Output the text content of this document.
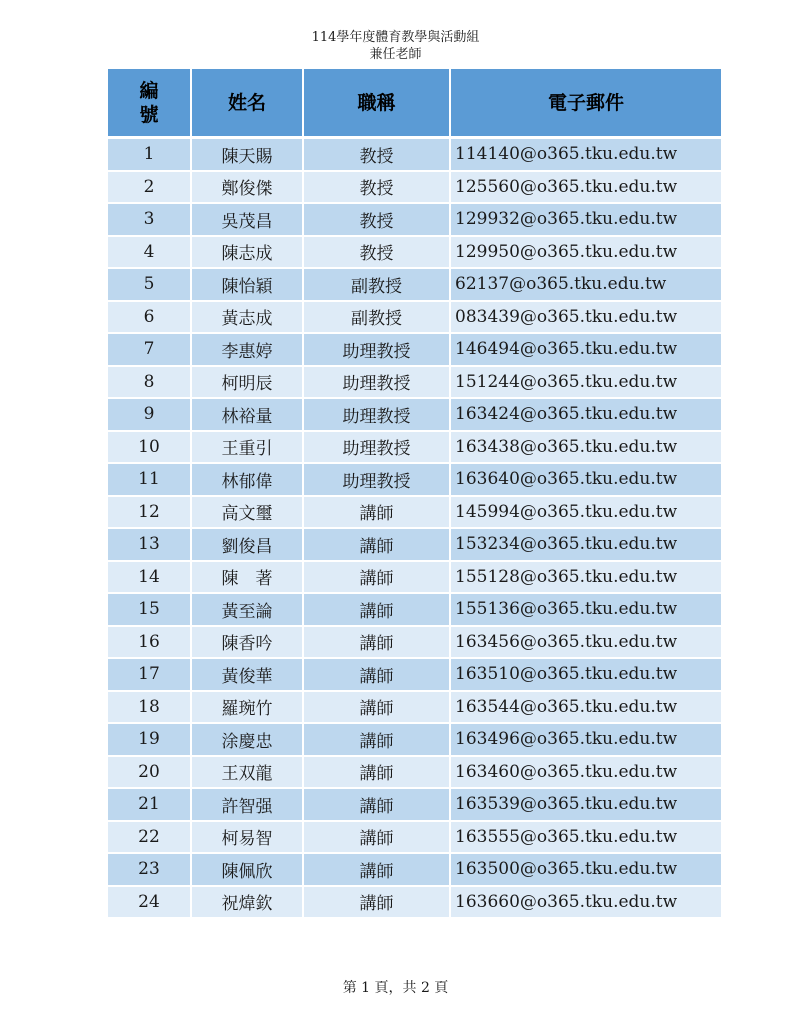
114學年度體育教學與活動組
兼任老師
編號	姓名	職稱	電子郵件
1	陳天賜	教授	114140@o365.tku.edu.tw
2	鄭俊傑	教授	125560@o365.tku.edu.tw
3	吳茂昌	教授	129932@o365.tku.edu.tw
4	陳志成	教授	129950@o365.tku.edu.tw
5	陳怡穎	副教授	62137@o365.tku.edu.tw
6	黃志成	副教授	083439@o365.tku.edu.tw
7	李惠婷	助理教授	146494@o365.tku.edu.tw
8	柯明辰	助理教授	151244@o365.tku.edu.tw
9	林裕量	助理教授	163424@o365.tku.edu.tw
10	王重引	助理教授	163438@o365.tku.edu.tw
11	林郁偉	助理教授	163640@o365.tku.edu.tw
12	高文璽	講師	145994@o365.tku.edu.tw
13	劉俊昌	講師	153234@o365.tku.edu.tw
14	陳　著	講師	155128@o365.tku.edu.tw
15	黃至論	講師	155136@o365.tku.edu.tw
16	陳香吟	講師	163456@o365.tku.edu.tw
17	黃俊華	講師	163510@o365.tku.edu.tw
18	羅琬竹	講師	163544@o365.tku.edu.tw
19	涂慶忠	講師	163496@o365.tku.edu.tw
20	王双龍	講師	163460@o365.tku.edu.tw
21	許智强	講師	163539@o365.tku.edu.tw
22	柯易智	講師	163555@o365.tku.edu.tw
23	陳佩欣	講師	163500@o365.tku.edu.tw
24	祝煒欽	講師	163660@o365.tku.edu.tw
第 1 頁，共 2 頁
